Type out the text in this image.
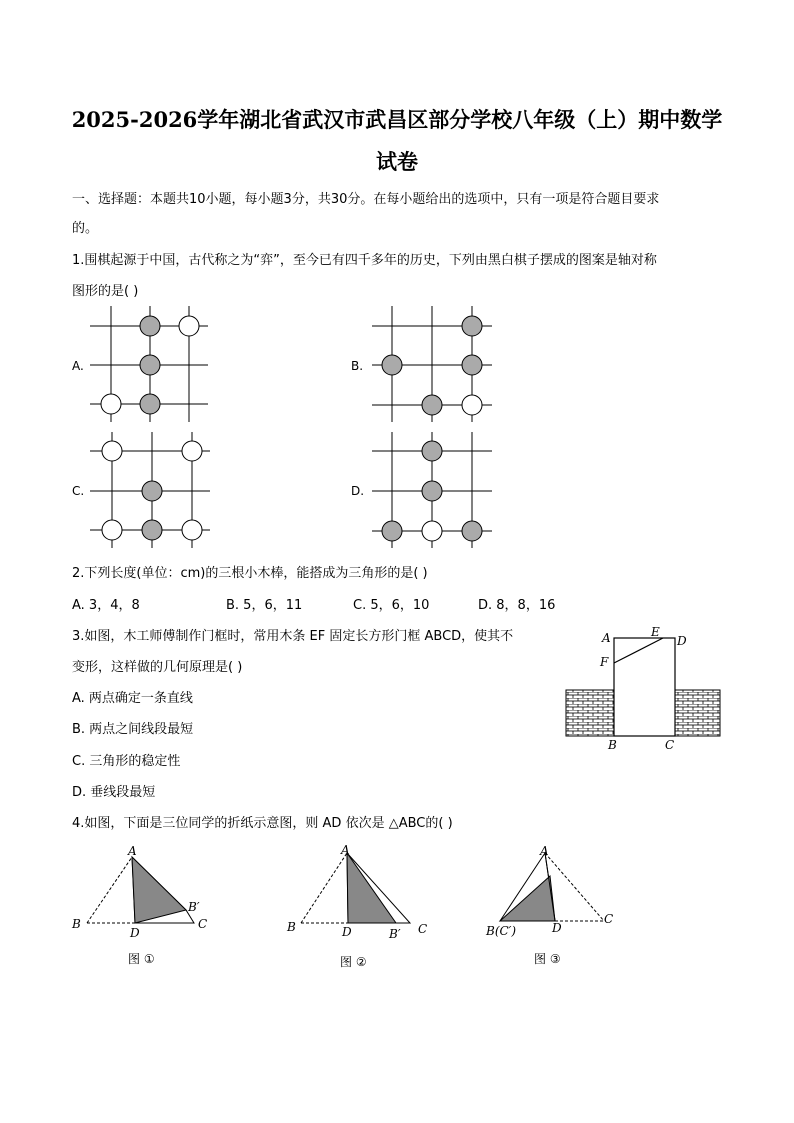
2025-2026学年湖北省武汉市武昌区部分学校八年级（上）期中数学
试卷
一、选择题：本题共10小题，每小题3分，共30分。在每小题给出的选项中，只有一项是符合题目要求
的。
1.围棋起源于中国，古代称之为“弈”，至今已有四千多年的历史，下列由黑白棋子摆成的图案是轴对称
图形的是( )
A.	B.
C.	D.
2.下列长度(单位：cm)的三根小木棒，能搭成为三角形的是( )
A. 3，4，8	B. 5，6，11	C. 5，6，10	D. 8，8，16
3.如图，木工师傅制作门框时，常用木条 EF 固定长方形门框 ABCD，使其不
变形，这样做的几何原理是( )
A. 两点确定一条直线
B. 两点之间线段最短
C. 三角形的稳定性
D. 垂线段最短
A	E
D
F
B	C
4.如图，下面是三位同学的折纸示意图，则 AD 依次是 △ABC的( )
A
B′
B
D
C
图 ①
A
B	D	B′ C
图 ②
A
B(C′)	D
C
图 ③
